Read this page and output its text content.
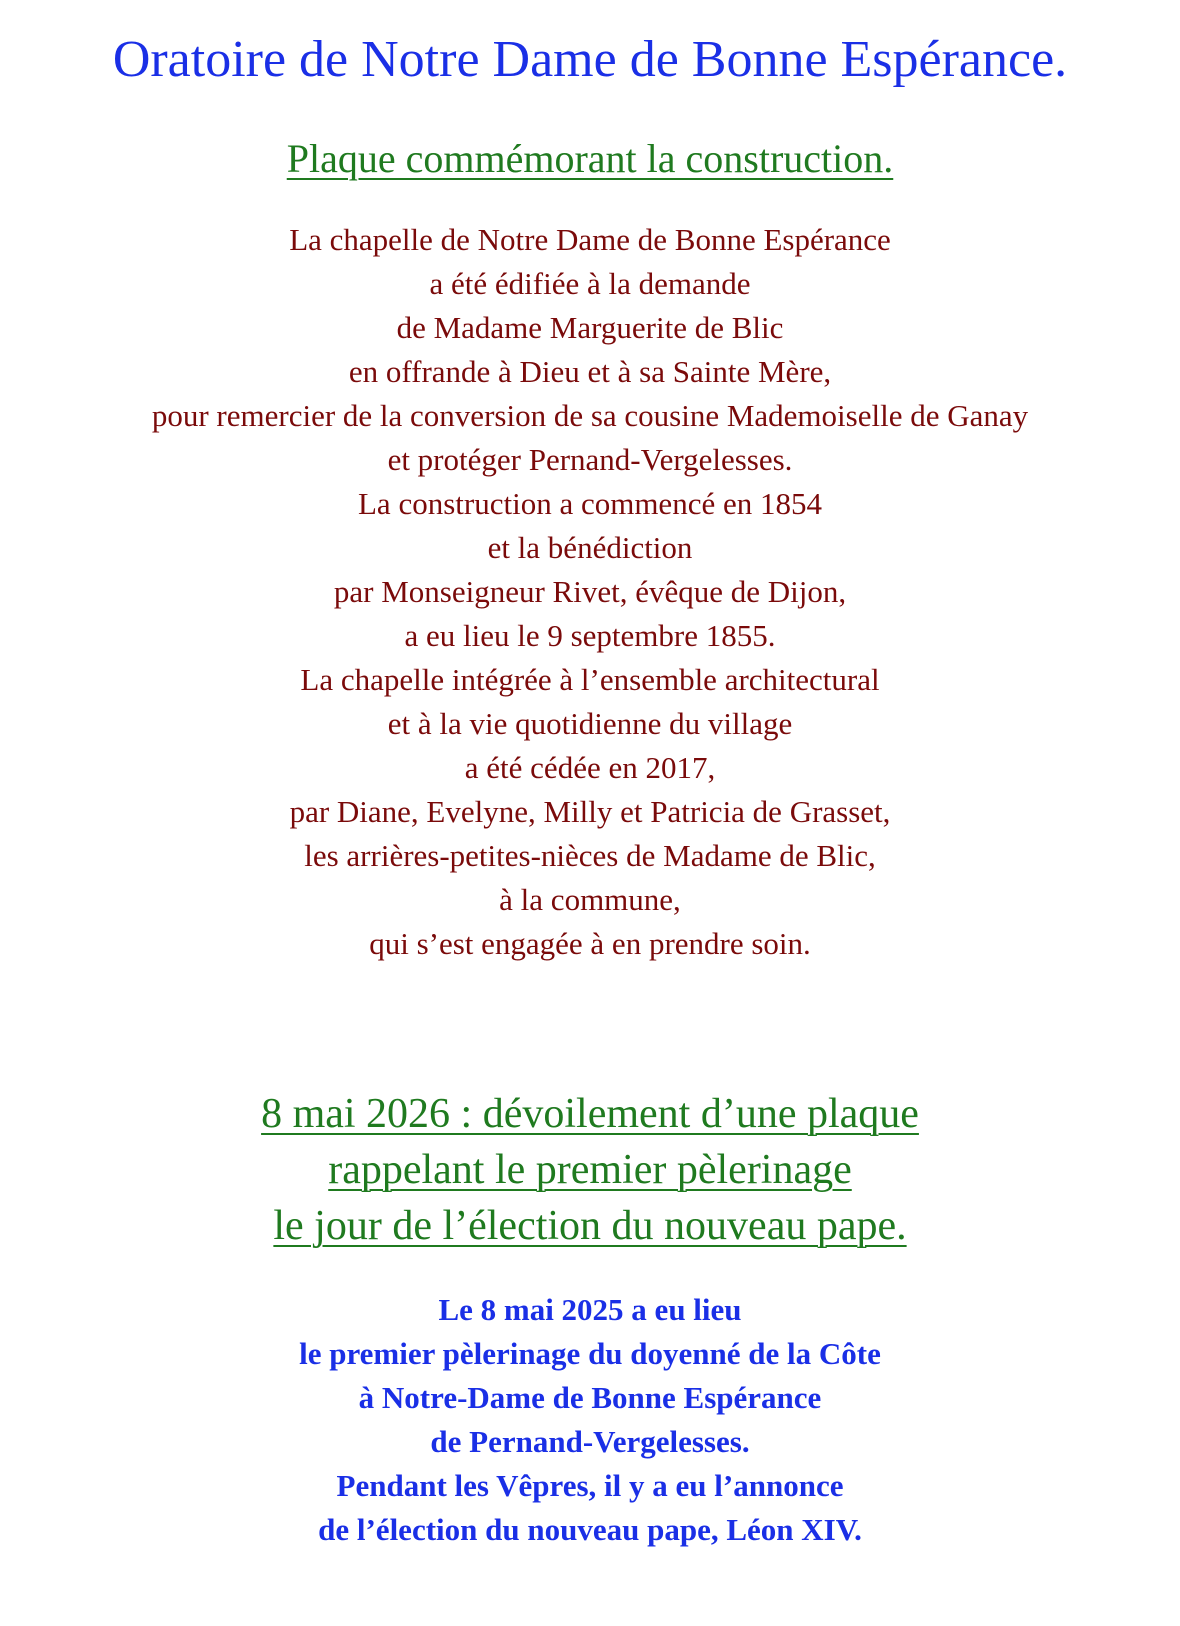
Oratoire de Notre Dame de Bonne Espérance.
Plaque commémorant la construction.
La chapelle de Notre Dame de Bonne Espérance
a été édifiée à la demande
de Madame Marguerite de Blic
en offrande à Dieu et à sa Sainte Mère,
pour remercier de la conversion de sa cousine Mademoiselle de Ganay
et protéger Pernand-Vergelesses.
La construction a commencé en 1854
et la bénédiction
par Monseigneur Rivet, évêque de Dijon,
a eu lieu le 9 septembre 1855.
La chapelle intégrée à l’ensemble architectural
et à la vie quotidienne du village
a été cédée en 2017,
par Diane, Evelyne, Milly et Patricia de Grasset,
les arrières-petites-nièces de Madame de Blic,
à la commune,
qui s’est engagée à en prendre soin.
8 mai 2026 : dévoilement d’une plaque
rappelant le premier pèlerinage
le jour de l’élection du nouveau pape.
Le 8 mai 2025 a eu lieu
le premier pèlerinage du doyenné de la Côte
à Notre-Dame de Bonne Espérance
de Pernand-Vergelesses.
Pendant les Vêpres, il y a eu l’annonce
de l’élection du nouveau pape, Léon XIV.
